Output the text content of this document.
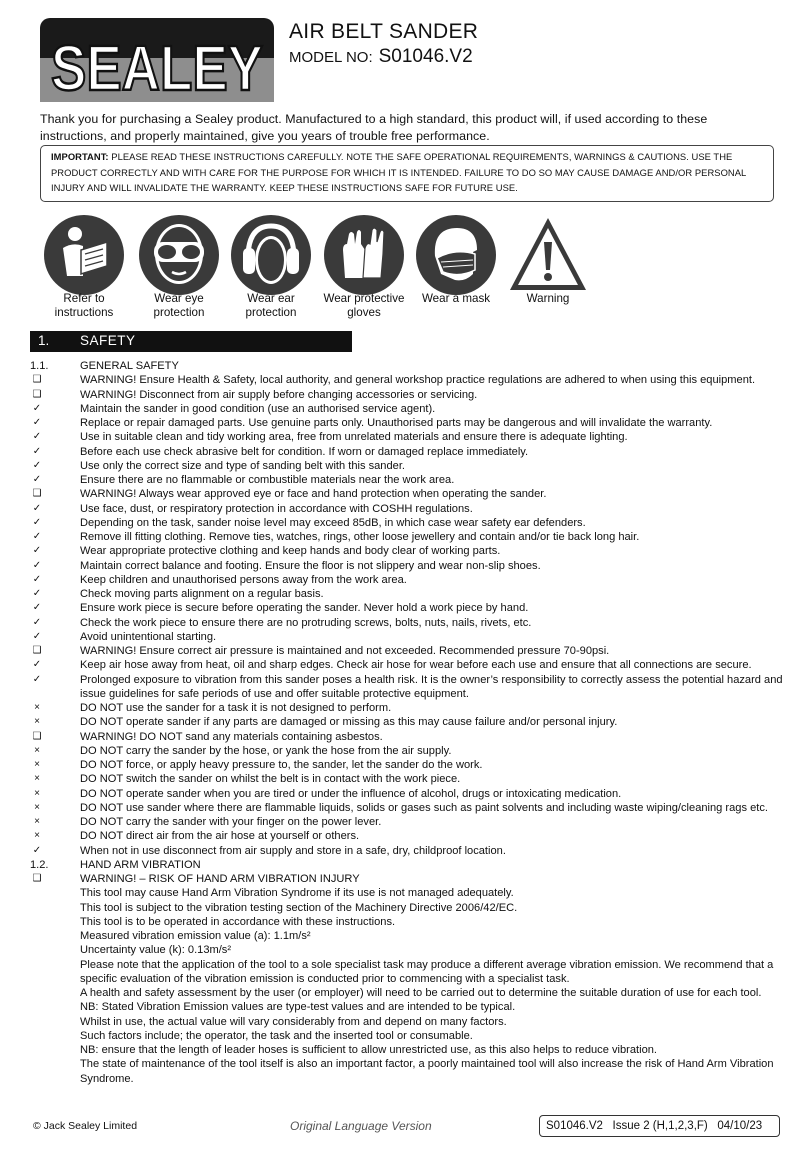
SEALEY
AIR BELT SANDER
MODEL NO: S01046.V2
Thank you for purchasing a Sealey product. Manufactured to a high standard, this product will, if used according to these instructions, and properly maintained, give you years of trouble free performance.
IMPORTANT: PLEASE READ THESE INSTRUCTIONS CAREFULLY. NOTE THE SAFE OPERATIONAL REQUIREMENTS, WARNINGS & CAUTIONS. USE THE PRODUCT CORRECTLY AND WITH CARE FOR THE PURPOSE FOR WHICH IT IS INTENDED. FAILURE TO DO SO MAY CAUSE DAMAGE AND/OR PERSONAL INJURY AND WILL INVALIDATE THE WARRANTY. KEEP THESE INSTRUCTIONS SAFE FOR FUTURE USE.
Refer to
instructions
Wear eye
protection
Wear ear
protection
Wear protective
gloves
Wear a mask	Warning
1. SAFETY
1.1.	GENERAL SAFETY
❑	WARNING! Ensure Health & Safety, local authority, and general workshop practice regulations are adhered to when using this equipment.
❑	WARNING! Disconnect from air supply before changing accessories or servicing.
✓	Maintain the sander in good condition (use an authorised service agent).
✓	Replace or repair damaged parts. Use genuine parts only. Unauthorised parts may be dangerous and will invalidate the warranty.
✓	Use in suitable clean and tidy working area, free from unrelated materials and ensure there is adequate lighting.
✓	Before each use check abrasive belt for condition. If worn or damaged replace immediately.
✓	Use only the correct size and type of sanding belt with this sander.
✓	Ensure there are no flammable or combustible materials near the work area.
❑	WARNING! Always wear approved eye or face and hand protection when operating the sander.
✓	Use face, dust, or respiratory protection in accordance with COSHH regulations.
✓	Depending on the task, sander noise level may exceed 85dB, in which case wear safety ear defenders.
✓	Remove ill fitting clothing. Remove ties, watches, rings, other loose jewellery and contain and/or tie back long hair.
✓	Wear appropriate protective clothing and keep hands and body clear of working parts.
✓	Maintain correct balance and footing. Ensure the floor is not slippery and wear non-slip shoes.
✓	Keep children and unauthorised persons away from the work area.
✓	Check moving parts alignment on a regular basis.
✓	Ensure work piece is secure before operating the sander. Never hold a work piece by hand.
✓	Check the work piece to ensure there are no protruding screws, bolts, nuts, nails, rivets, etc.
✓	Avoid unintentional starting.
❑	WARNING! Ensure correct air pressure is maintained and not exceeded. Recommended pressure 70-90psi.
✓	Keep air hose away from heat, oil and sharp edges. Check air hose for wear before each use and ensure that all connections are secure.
✓	Prolonged exposure to vibration from this sander poses a health risk. It is the owner’s responsibility to correctly assess the potential hazard and issue guidelines for safe periods of use and offer suitable protective equipment.
×	DO NOT use the sander for a task it is not designed to perform.
×	DO NOT operate sander if any parts are damaged or missing as this may cause failure and/or personal injury.
❑	WARNING! DO NOT sand any materials containing asbestos.
×	DO NOT carry the sander by the hose, or yank the hose from the air supply.
×	DO NOT force, or apply heavy pressure to, the sander, let the sander do the work.
×	DO NOT switch the sander on whilst the belt is in contact with the work piece.
×	DO NOT operate sander when you are tired or under the influence of alcohol, drugs or intoxicating medication.
×	DO NOT use sander where there are flammable liquids, solids or gases such as paint solvents and including waste wiping/cleaning rags etc.
×	DO NOT carry the sander with your finger on the power lever.
×	DO NOT direct air from the air hose at yourself or others.
✓	When not in use disconnect from air supply and store in a safe, dry, childproof location.
1.2.	HAND ARM VIBRATION
❑	WARNING! – RISK OF HAND ARM VIBRATION INJURY
This tool may cause Hand Arm Vibration Syndrome if its use is not managed adequately.
This tool is subject to the vibration testing section of the Machinery Directive 2006/42/EC.
This tool is to be operated in accordance with these instructions.
Measured vibration emission value (a): 1.1m/s²
Uncertainty value (k): 0.13m/s²
Please note that the application of the tool to a sole specialist task may produce a different average vibration emission. We recommend that a specific evaluation of the vibration emission is conducted prior to commencing with a specialist task.
A health and safety assessment by the user (or employer) will need to be carried out to determine the suitable duration of use for each tool.
NB: Stated Vibration Emission values are type-test values and are intended to be typical.
Whilst in use, the actual value will vary considerably from and depend on many factors.
Such factors include; the operator, the task and the inserted tool or consumable.
NB: ensure that the length of leader hoses is sufficient to allow unrestricted use, as this also helps to reduce vibration.
The state of maintenance of the tool itself is also an important factor, a poorly maintained tool will also increase the risk of Hand Arm Vibration Syndrome.
© Jack Sealey Limited	Original Language Version	S01046.V2 Issue 2 (H,1,2,3,F) 04/10/23
